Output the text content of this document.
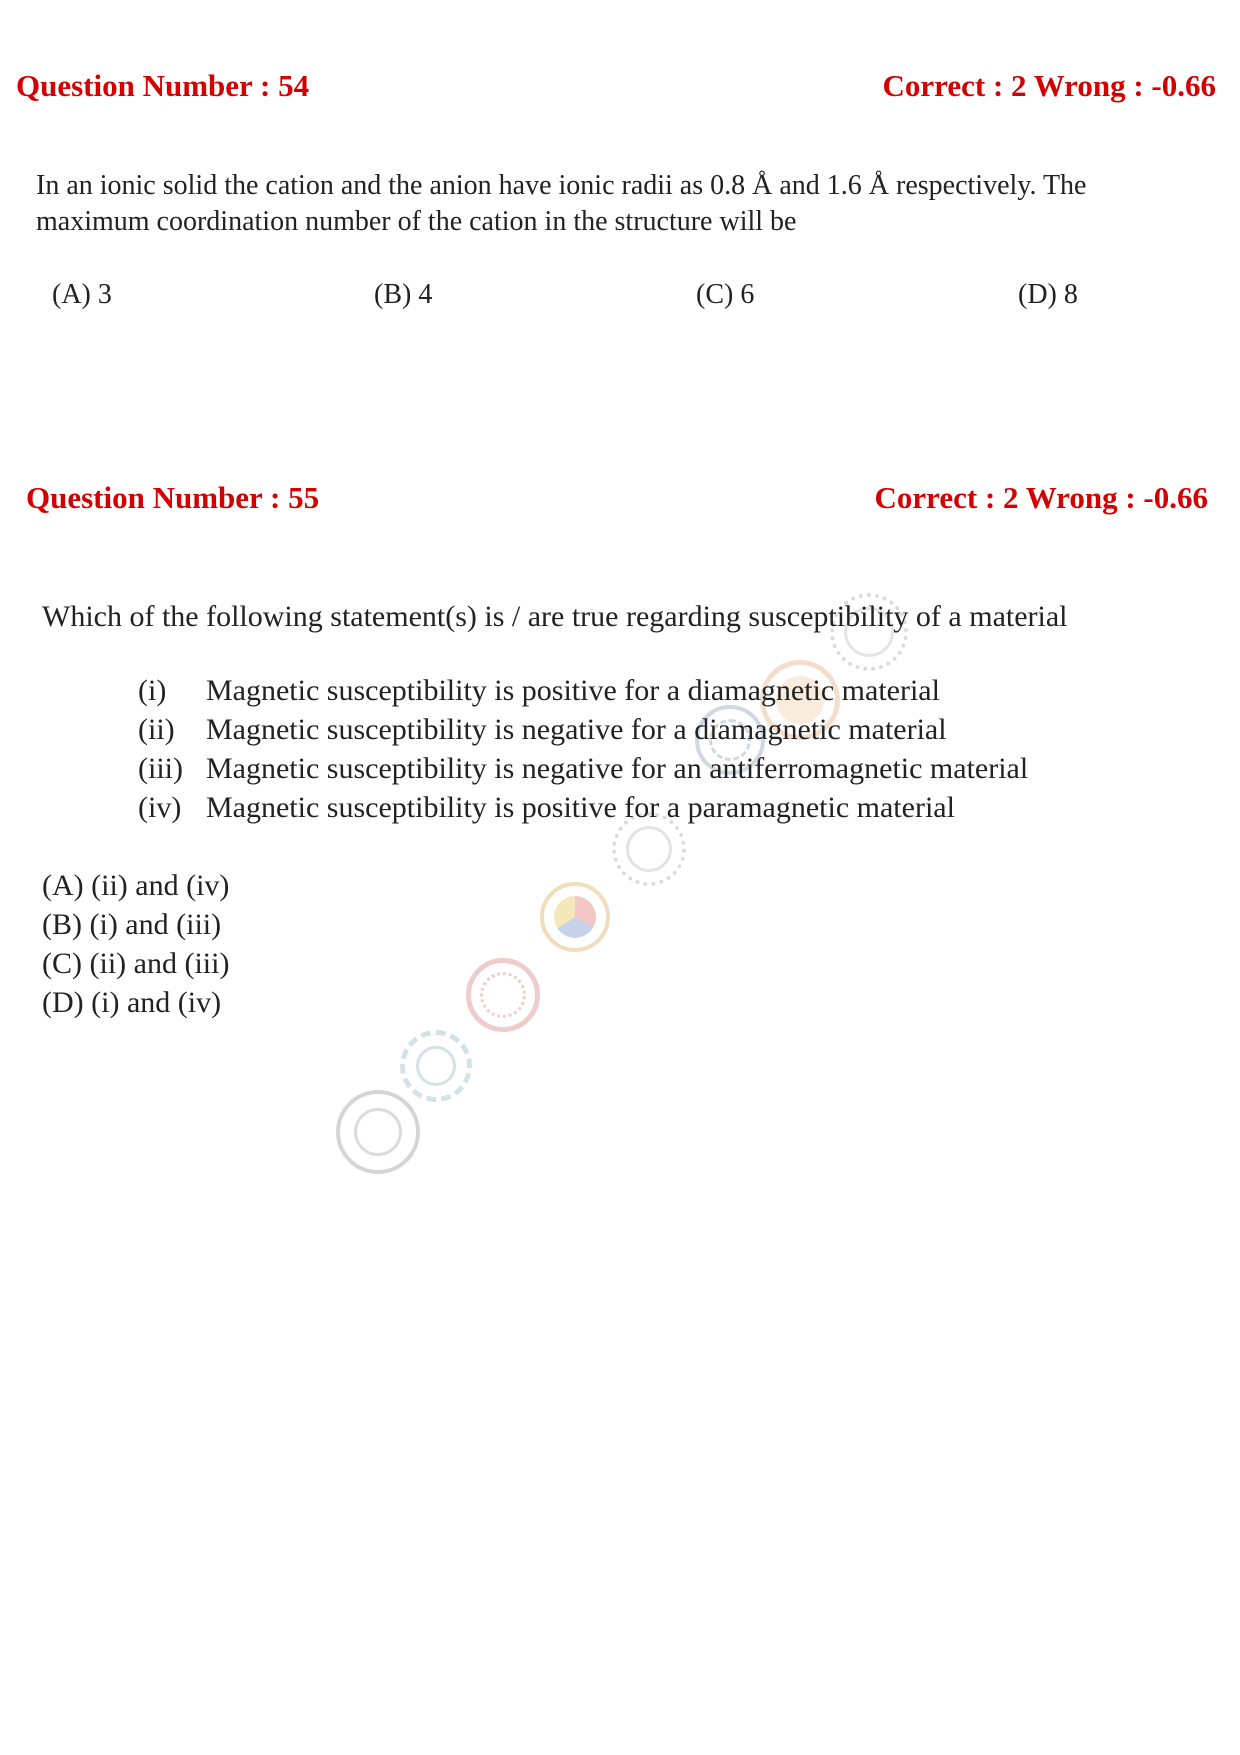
Question Number : 54	Correct : 2 Wrong : -0.66
In an ionic solid the cation and the anion have ionic radii as 0.8 Å and 1.6 Å respectively. The
maximum coordination number of the cation in the structure will be
(A) 3	(B) 4	(C) 6	(D) 8
Question Number : 55	Correct : 2 Wrong : -0.66
Which of the following statement(s) is / are true regarding susceptibility of a material
(i) Magnetic susceptibility is positive for a diamagnetic material
(ii) Magnetic susceptibility is negative for a diamagnetic material
(iii) Magnetic susceptibility is negative for an antiferromagnetic material
(iv) Magnetic susceptibility is positive for a paramagnetic material
(A) (ii) and (iv)
(B) (i) and (iii)
(C) (ii) and (iii)
(D) (i) and (iv)
